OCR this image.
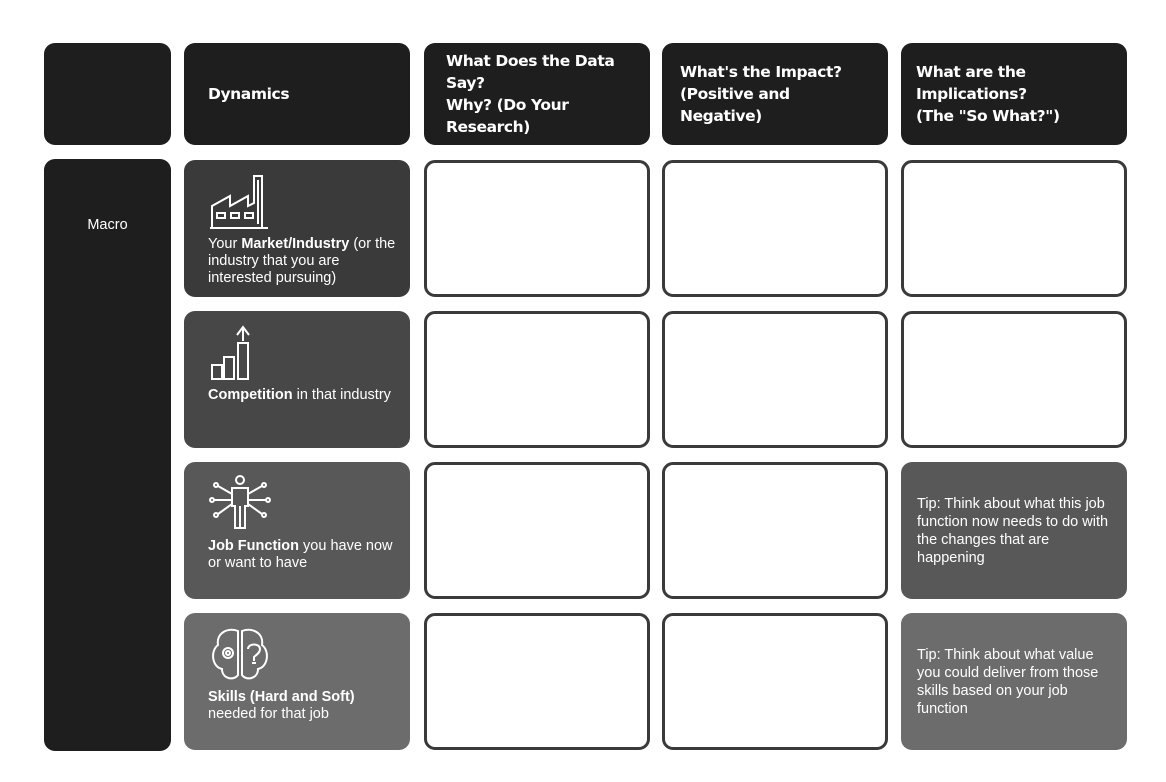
Dynamics
What Does the Data Say?
Why? (Do Your Research)
What's the Impact?
(Positive and Negative)
What are the Implications?
(The "So What?")
Macro
Your Market/Industry (or the industry that you are interested pursuing)
Competition in that industry
Job Function you have now or want to have
Tip: Think about what this job function now needs to do with the changes that are happening
Skills (Hard and Soft)
needed for that job
Tip: Think about what value you could deliver from those skills based on your job function
